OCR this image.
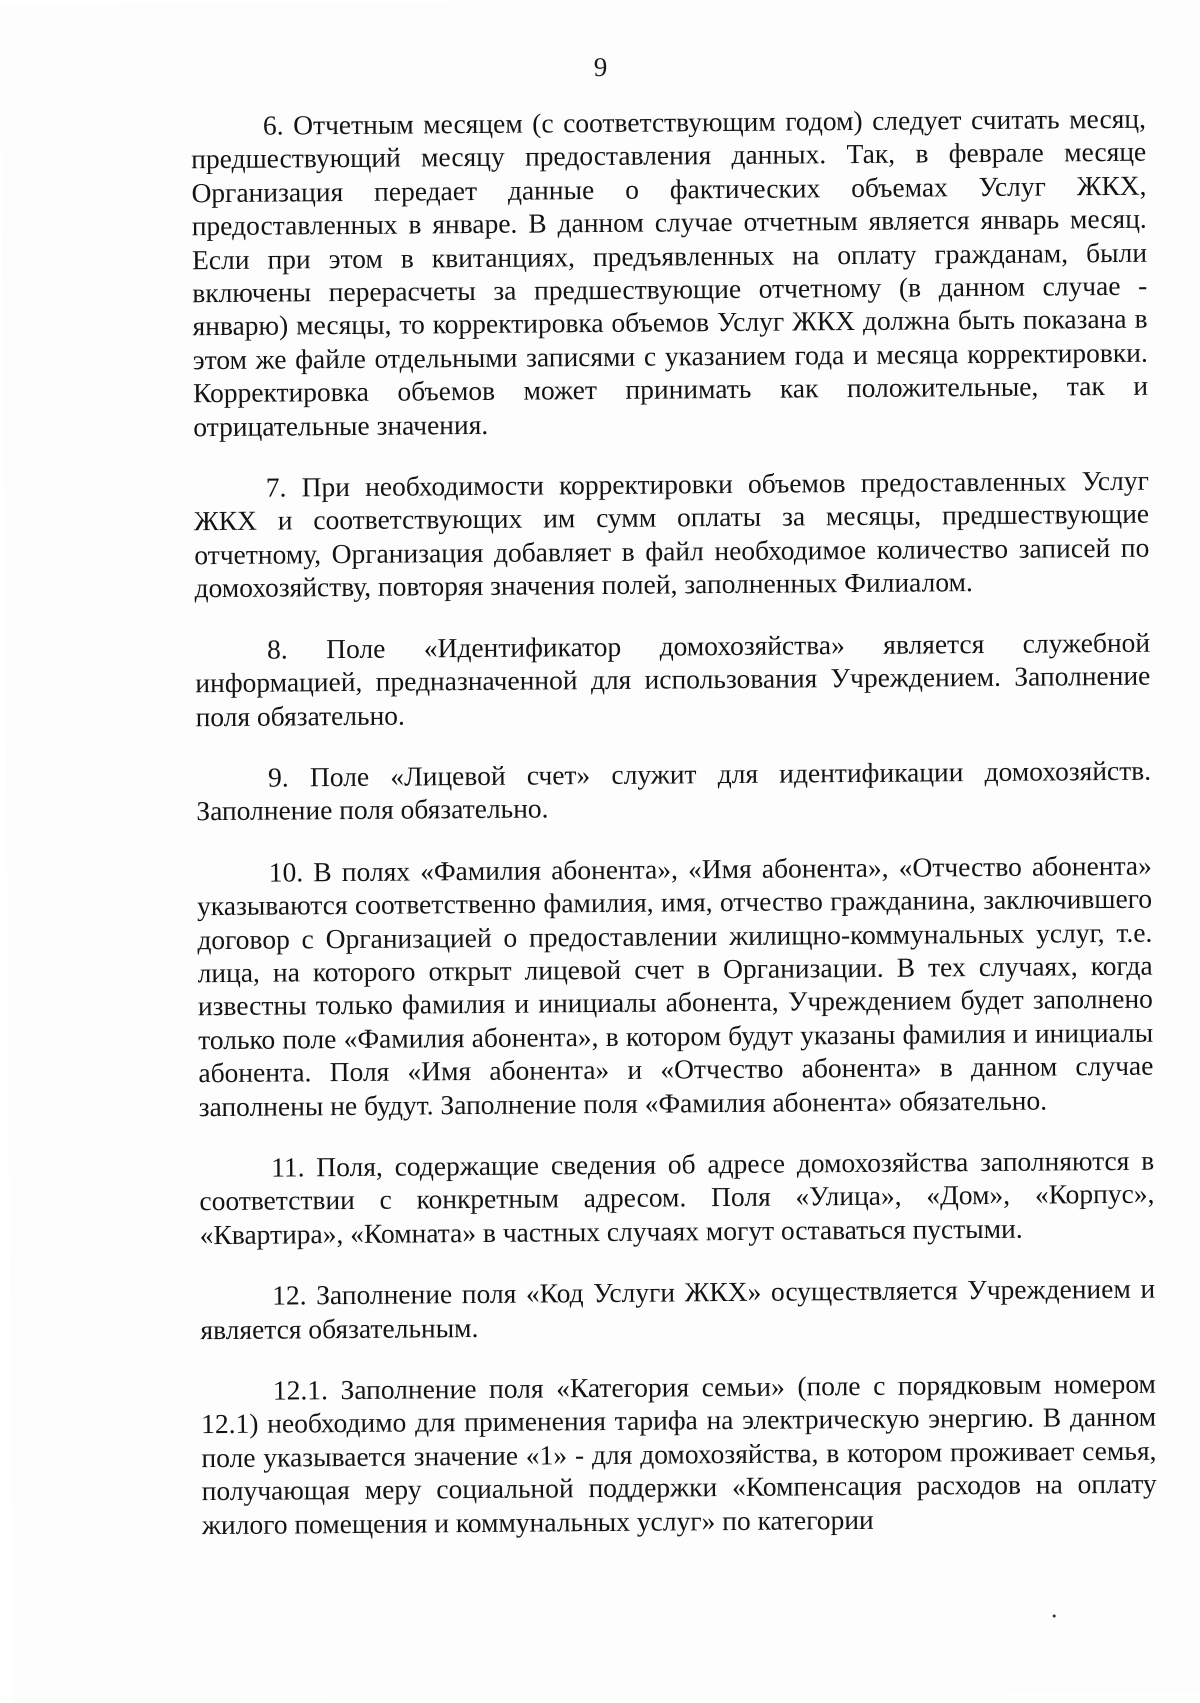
9

6. Отчетным месяцем (с соответствующим годом) следует считать месяц, предшествующий месяцу предоставления данных. Так, в феврале месяце Организация передает данные о фактических объемах Услуг ЖКХ, предоставленных в январе. В данном случае отчетным является январь месяц. Если при этом в квитанциях, предъявленных на оплату гражданам, были включены перерасчеты за предшествующие отчетному (в данном случае - январю) месяцы, то корректировка объемов Услуг ЖКХ должна быть показана в этом же файле отдельными записями с указанием года и месяца корректировки. Корректировка объемов может принимать как положительные, так и отрицательные значения.

7. При необходимости корректировки объемов предоставленных Услуг ЖКХ и соответствующих им сумм оплаты за месяцы, предшествующие отчетному, Организация добавляет в файл необходимое количество записей по домохозяйству, повторяя значения полей, заполненных Филиалом.

8. Поле «Идентификатор домохозяйства» является служебной информацией, предназначенной для использования Учреждением. Заполнение поля обязательно.

9. Поле «Лицевой счет» служит для идентификации домохозяйств. Заполнение поля обязательно.

10. В полях «Фамилия абонента», «Имя абонента», «Отчество абонента» указываются соответственно фамилия, имя, отчество гражданина, заключившего договор с Организацией о предоставлении жилищно-коммунальных услуг, т.е. лица, на которого открыт лицевой счет в Организации. В тех случаях, когда известны только фамилия и инициалы абонента, Учреждением будет заполнено только поле «Фамилия абонента», в котором будут указаны фамилия и инициалы абонента. Поля «Имя абонента» и «Отчество абонента» в данном случае заполнены не будут. Заполнение поля «Фамилия абонента» обязательно.

11. Поля, содержащие сведения об адресе домохозяйства заполняются в соответствии с конкретным адресом. Поля «Улица», «Дом», «Корпус», «Квартира», «Комната» в частных случаях могут оставаться пустыми.

12. Заполнение поля «Код Услуги ЖКХ» осуществляется Учреждением и является обязательным.

12.1. Заполнение поля «Категория семьи» (поле с порядковым номером 12.1) необходимо для применения тарифа на электрическую энергию. В данном поле указывается значение «1» - для домохозяйства, в котором проживает семья, получающая меру социальной поддержки «Компенсация расходов на оплату жилого помещения и коммунальных услуг» по категории
